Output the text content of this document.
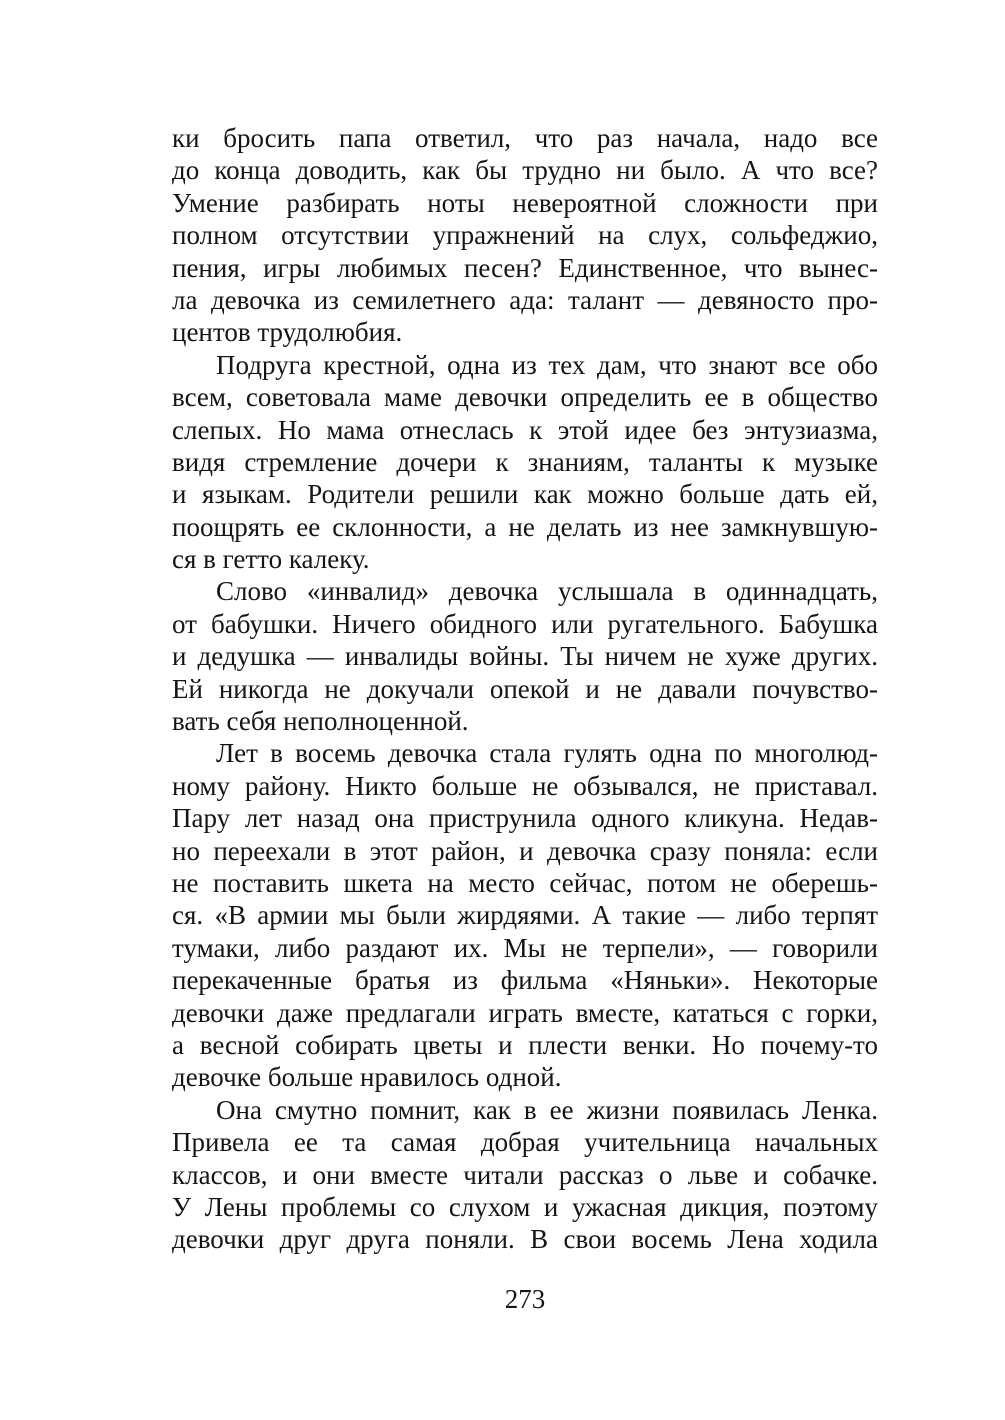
ки бросить папа ответил, что раз начала, надо все
до конца доводить, как бы трудно ни было. А что все?
Умение разбирать ноты невероятной сложности при
полном отсутствии упражнений на слух, сольфеджио,
пения, игры любимых песен? Единственное, что вынес-
ла девочка из семилетнего ада: талант — девяносто про-
центов трудолюбия.
Подруга крестной, одна из тех дам, что знают все обо
всем, советовала маме девочки определить ее в общество
слепых. Но мама отнеслась к этой идее без энтузиазма,
видя стремление дочери к знаниям, таланты к музыке
и языкам. Родители решили как можно больше дать ей,
поощрять ее склонности, а не делать из нее замкнувшую-
ся в гетто калеку.
Слово «инвалид» девочка услышала в одиннадцать,
от бабушки. Ничего обидного или ругательного. Бабушка
и дедушка — инвалиды войны. Ты ничем не хуже других.
Ей никогда не докучали опекой и не давали почувство-
вать себя неполноценной.
Лет в восемь девочка стала гулять одна по многолюд-
ному району. Никто больше не обзывался, не приставал.
Пару лет назад она приструнила одного кликуна. Недав-
но переехали в этот район, и девочка сразу поняла: если
не поставить шкета на место сейчас, потом не оберешь-
ся. «В армии мы были жирдяями. А такие — либо терпят
тумаки, либо раздают их. Мы не терпели», — говорили
перекаченные братья из фильма «Няньки». Некоторые
девочки даже предлагали играть вместе, кататься с горки,
а весной собирать цветы и плести венки. Но почему-то
девочке больше нравилось одной.
Она смутно помнит, как в ее жизни появилась Ленка.
Привела ее та самая добрая учительница начальных
классов, и они вместе читали рассказ о льве и собачке.
У Лены проблемы со слухом и ужасная дикция, поэтому
девочки друг друга поняли. В свои восемь Лена ходила
273
